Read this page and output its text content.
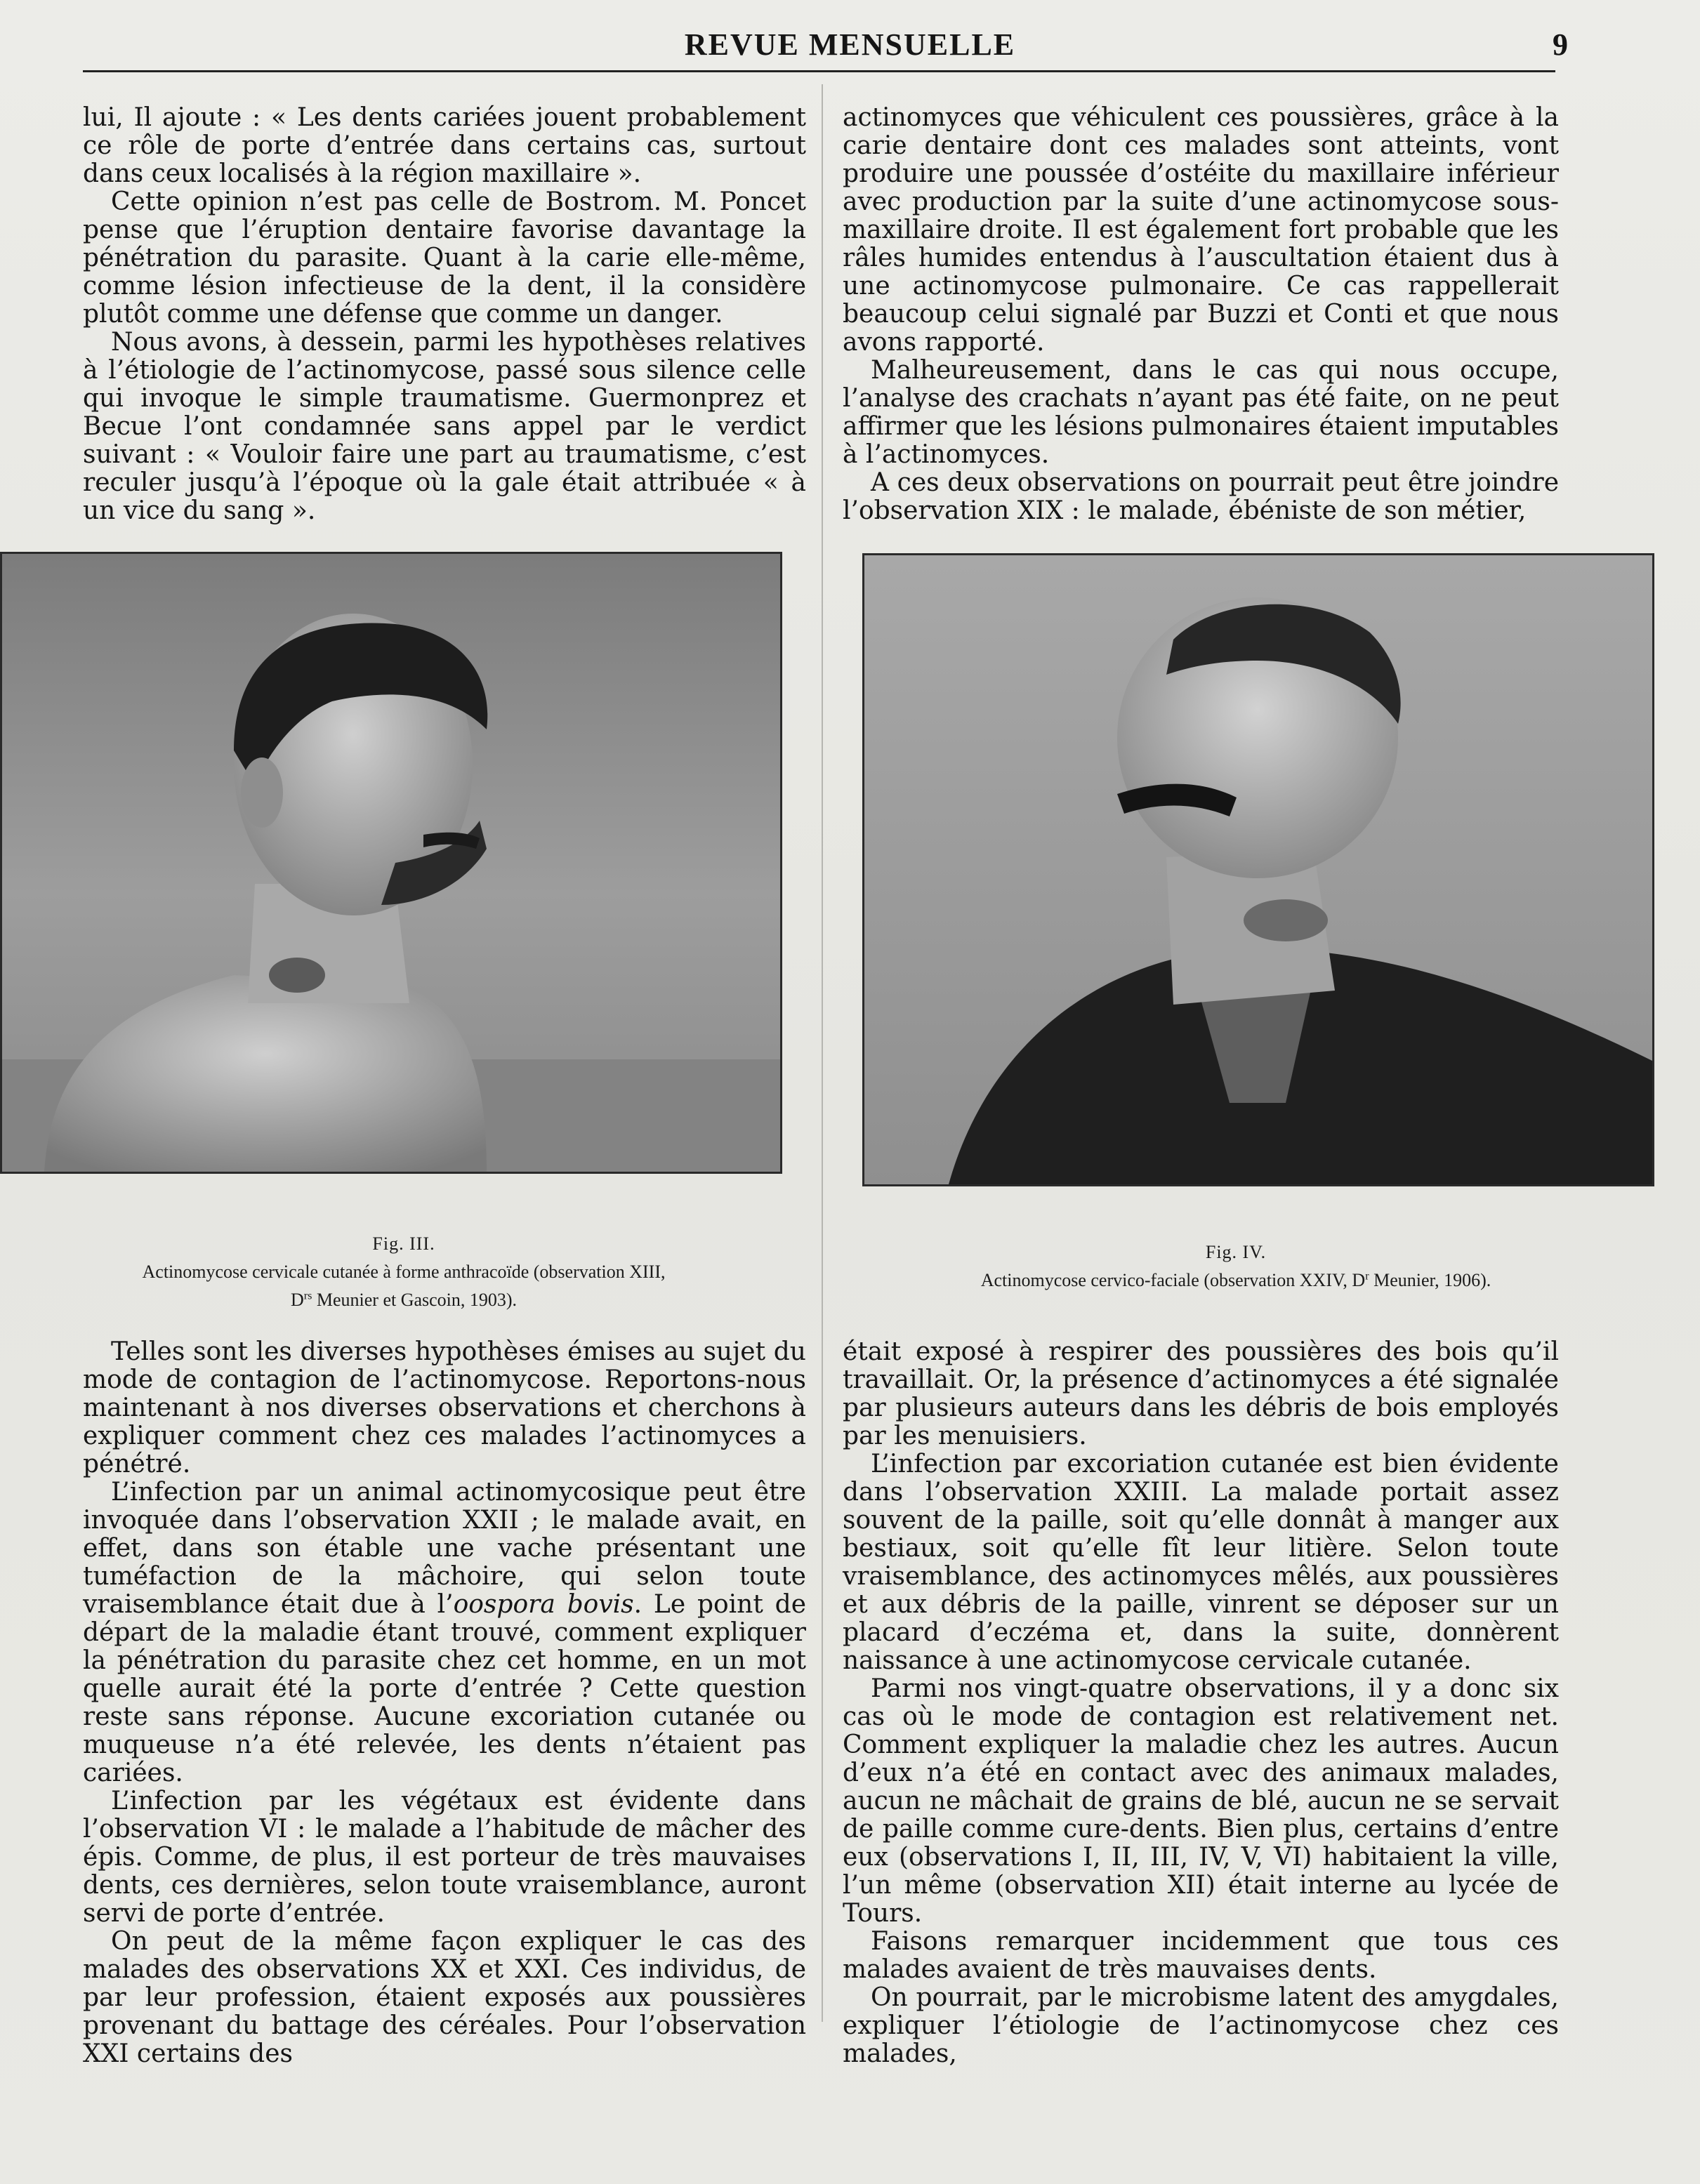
REVUE MENSUELLE	9

lui, Il ajoute : « Les dents cariées jouent probablement ce rôle de porte d’entrée dans certains cas, surtout dans ceux localisés à la région maxillaire ».

Cette opinion n’est pas celle de Bostrom. M. Poncet pense que l’éruption dentaire favorise davantage la pénétration du parasite. Quant à la carie elle-même, comme lésion infectieuse de la dent, il la considère plutôt comme une défense que comme un danger.

Nous avons, à dessein, parmi les hypothèses relatives à l’étiologie de l’actinomycose, passé sous silence celle qui invoque le simple traumatisme. Guermonprez et Becue l’ont condamnée sans appel par le verdict suivant : « Vouloir faire une part au traumatisme, c’est reculer jusqu’à l’époque où la gale était attribuée « à un vice du sang ».

actinomyces que véhiculent ces poussières, grâce à la carie dentaire dont ces malades sont atteints, vont produire une poussée d’ostéite du maxillaire inférieur avec production par la suite d’une actinomycose sous-maxillaire droite. Il est également fort probable que les râles humides entendus à l’auscultation étaient dus à une actinomycose pulmonaire. Ce cas rappellerait beaucoup celui signalé par Buzzi et Conti et que nous avons rapporté.

Malheureusement, dans le cas qui nous occupe, l’analyse des crachats n’ayant pas été faite, on ne peut affirmer que les lésions pulmonaires étaient imputables à l’actinomyces.

A ces deux observations on pourrait peut être joindre l’observation XIX : le malade, ébéniste de son métier,

Fig. III.
Actinomycose cervicale cutanée à forme anthracoïde (observation XIII,
$D^{rs}$ Meunier et Gascoin, 1903).
Fig. IV.
Actinomycose cervico-faciale (observation XXIV, $D^r$ Meunier, 1906).

Telles sont les diverses hypothèses émises au sujet du mode de contagion de l’actinomycose. Reportons-nous maintenant à nos diverses observations et cherchons à expliquer comment chez ces malades l’actinomyces a pénétré.

L’infection par un animal actinomycosique peut être invoquée dans l’observation XXII ; le malade avait, en effet, dans son étable une vache présentant une tuméfaction de la mâchoire, qui selon toute vraisemblance était due à l’oospora bovis. Le point de départ de la maladie étant trouvé, comment expliquer la pénétration du parasite chez cet homme, en un mot quelle aurait été la porte d’entrée ? Cette question reste sans réponse. Aucune excoriation cutanée ou muqueuse n’a été relevée, les dents n’étaient pas cariées.

L’infection par les végétaux est évidente dans l’observation VI : le malade a l’habitude de mâcher des épis. Comme, de plus, il est porteur de très mauvaises dents, ces dernières, selon toute vraisemblance, auront servi de porte d’entrée.

On peut de la même façon expliquer le cas des malades des observations XX et XXI. Ces individus, de par leur profession, étaient exposés aux poussières provenant du battage des céréales. Pour l’observation XXI certains des

était exposé à respirer des poussières des bois qu’il travaillait. Or, la présence d’actinomyces a été signalée par plusieurs auteurs dans les débris de bois employés par les menuisiers.

L’infection par excoriation cutanée est bien évidente dans l’observation XXIII. La malade portait assez souvent de la paille, soit qu’elle donnât à manger aux bestiaux, soit qu’elle fît leur litière. Selon toute vraisemblance, des actinomyces mêlés, aux poussières et aux débris de la paille, vinrent se déposer sur un placard d’eczéma et, dans la suite, donnèrent naissance à une actinomycose cervicale cutanée.

Parmi nos vingt-quatre observations, il y a donc six cas où le mode de contagion est relativement net. Comment expliquer la maladie chez les autres. Aucun d’eux n’a été en contact avec des animaux malades, aucun ne mâchait de grains de blé, aucun ne se servait de paille comme cure-dents. Bien plus, certains d’entre eux (observations I, II, III, IV, V, VI) habitaient la ville, l’un même (observation XII) était interne au lycée de Tours.

Faisons remarquer incidemment que tous ces malades avaient de très mauvaises dents.

On pourrait, par le microbisme latent des amygdales, expliquer l’étiologie de l’actinomycose chez ces malades,
